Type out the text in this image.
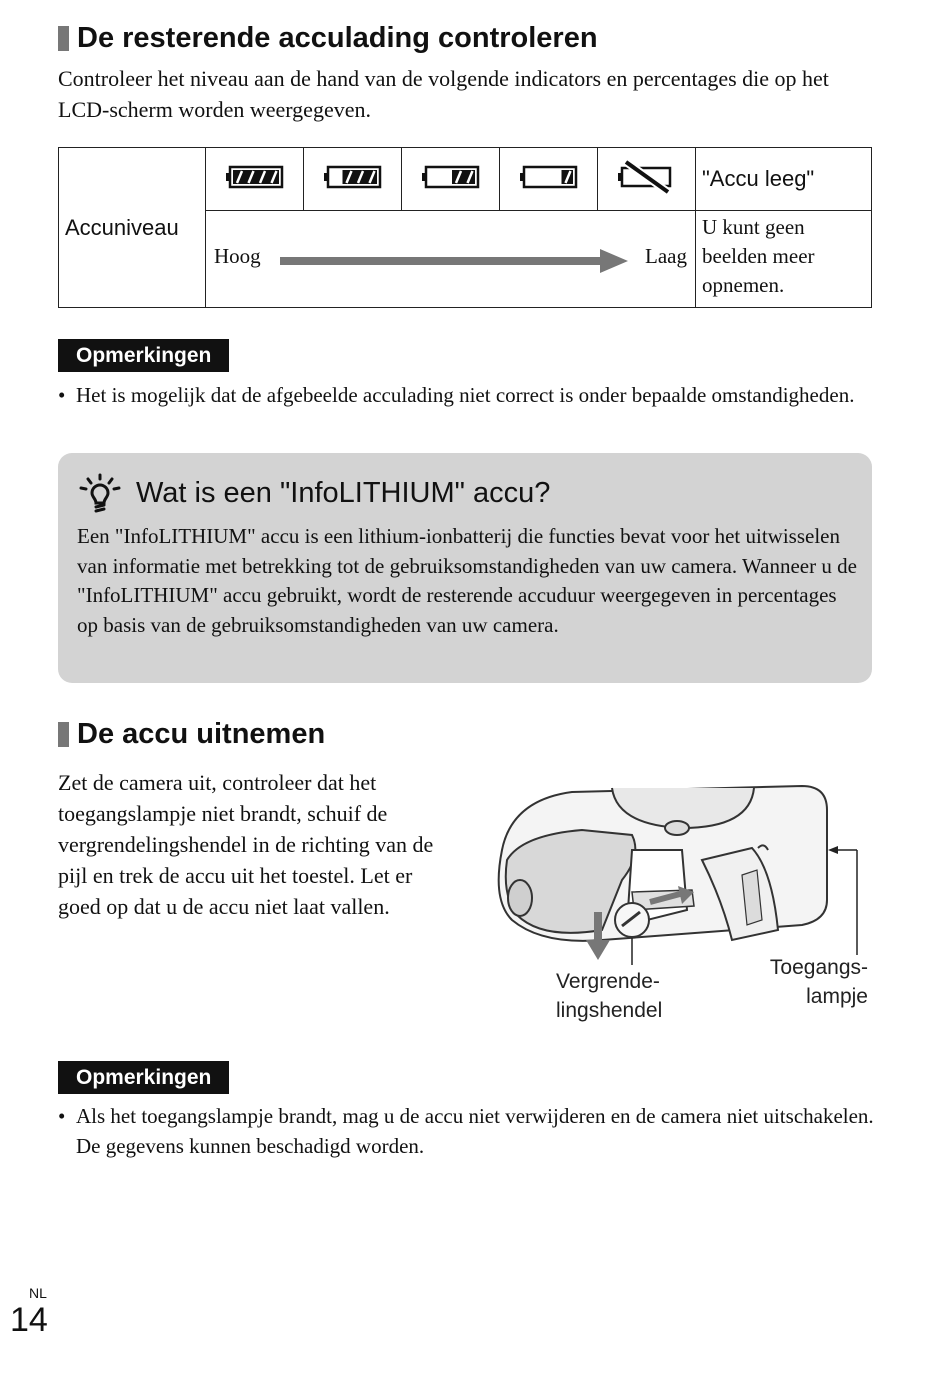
De resterende acculading controleren
Controleer het niveau aan de hand van de volgende indicators en percentages die op het LCD-scherm worden weergegeven.
Accuniveau						"Accu leeg"

	Hoog Laag					U kunt geen beelden meer opnemen.
Opmerkingen
• Het is mogelijk dat de afgebeelde acculading niet correct is onder bepaalde omstandigheden.
Wat is een "InfoLITHIUM" accu?
Een "InfoLITHIUM" accu is een lithium-ionbatterij die functies bevat voor het uitwisselen van informatie met betrekking tot de gebruiksomstandigheden van uw camera. Wanneer u de "InfoLITHIUM" accu gebruikt, wordt de resterende accuduur weergegeven in percentages op basis van de gebruiksomstandigheden van uw camera.
De accu uitnemen
Zet de camera uit, controleer dat het toegangslampje niet brandt, schuif de vergrendelingshendel in de richting van de pijl en trek de accu uit het toestel. Let er goed op dat u de accu niet laat vallen.
Vergrende-
lingshendel
Toegangs-
lampje
Opmerkingen
• Als het toegangslampje brandt, mag u de accu niet verwijderen en de camera niet uitschakelen. De gegevens kunnen beschadigd worden.
NL
14
